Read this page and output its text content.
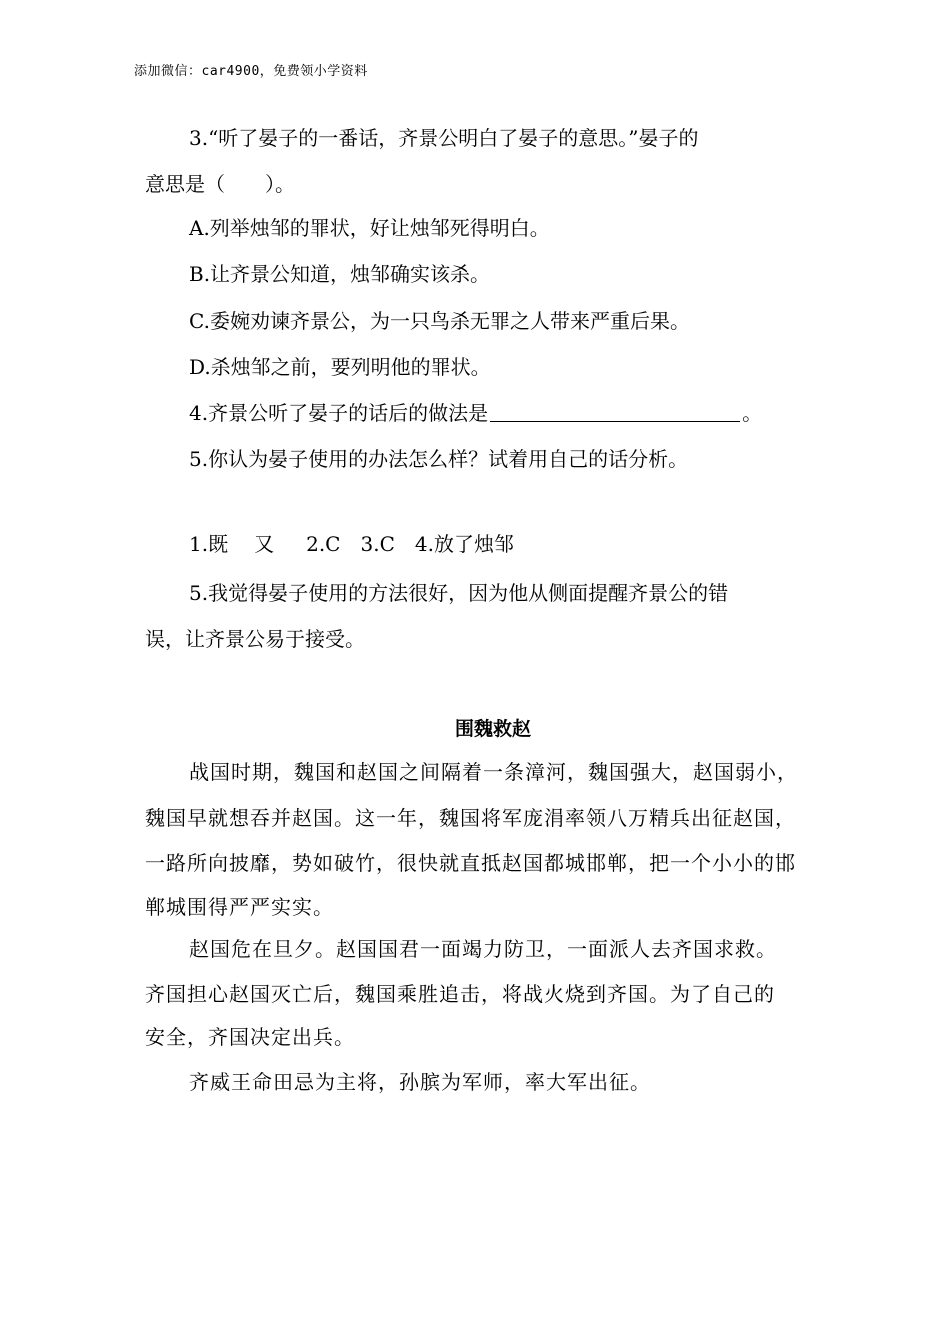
添加微信：car4900，免费领小学资料
3.“听了晏子的一番话，齐景公明白了晏子的意思。”晏子的
意思是（　　）。
A.列举烛邹的罪状，好让烛邹死得明白。
B.让齐景公知道，烛邹确实该杀。
C.委婉劝谏齐景公，为一只鸟杀无罪之人带来严重后果。
D.杀烛邹之前，要列明他的罪状。
4.齐景公听了晏子的话后的做法是	。
5.你认为晏子使用的办法怎么样？试着用自己的话分析。
1.既 又 2.C 3.C 4.放了烛邹
5.我觉得晏子使用的方法很好，因为他从侧面提醒齐景公的错
误，让齐景公易于接受。
围魏救赵
战国时期，魏国和赵国之间隔着一条漳河，魏国强大，赵国弱小，
魏国早就想吞并赵国。这一年，魏国将军庞涓率领八万精兵出征赵国，
一路所向披靡，势如破竹，很快就直抵赵国都城邯郸，把一个小小的邯
郸城围得严严实实。
赵国危在旦夕。赵国国君一面竭力防卫，一面派人去齐国求救。
齐国担心赵国灭亡后，魏国乘胜追击，将战火烧到齐国。为了自己的
安全，齐国决定出兵。
齐威王命田忌为主将，孙膑为军师，率大军出征。
